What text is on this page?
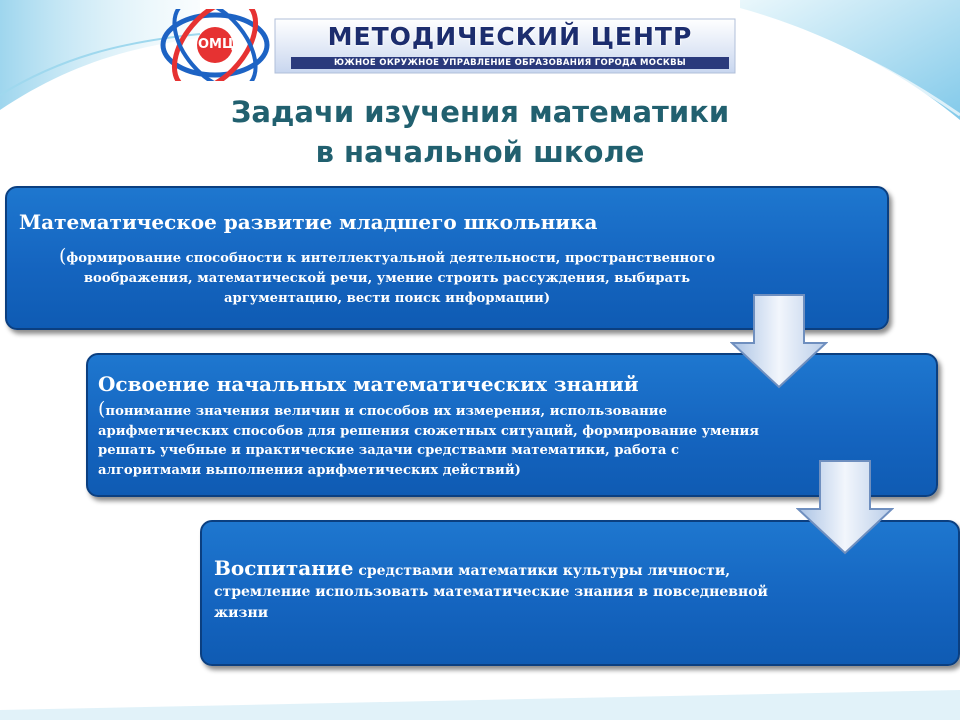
ОМЦ	МЕТОДИЧЕСКИЙ ЦЕНТР
ЮЖНОЕ ОКРУЖНОЕ УПРАВЛЕНИЕ ОБРАЗОВАНИЯ ГОРОДА МОСКВЫ
Задачи изучения математики
в начальной школе
Математическое развитие младшего школьника
(формирование способности к интеллектуальной деятельности, пространственного воображения, математической речи, умение строить рассуждения, выбирать аргументацию, вести поиск информации)
Освоение начальных математических знаний
(понимание значения величин и способов их измерения, использование арифметических способов для решения сюжетных ситуаций, формирование умения решать учебные и практические задачи средствами математики, работа с алгоритмами выполнения арифметических действий)
Воспитание средствами математики культуры личности, стремление использовать математические знания в повседневной жизни
